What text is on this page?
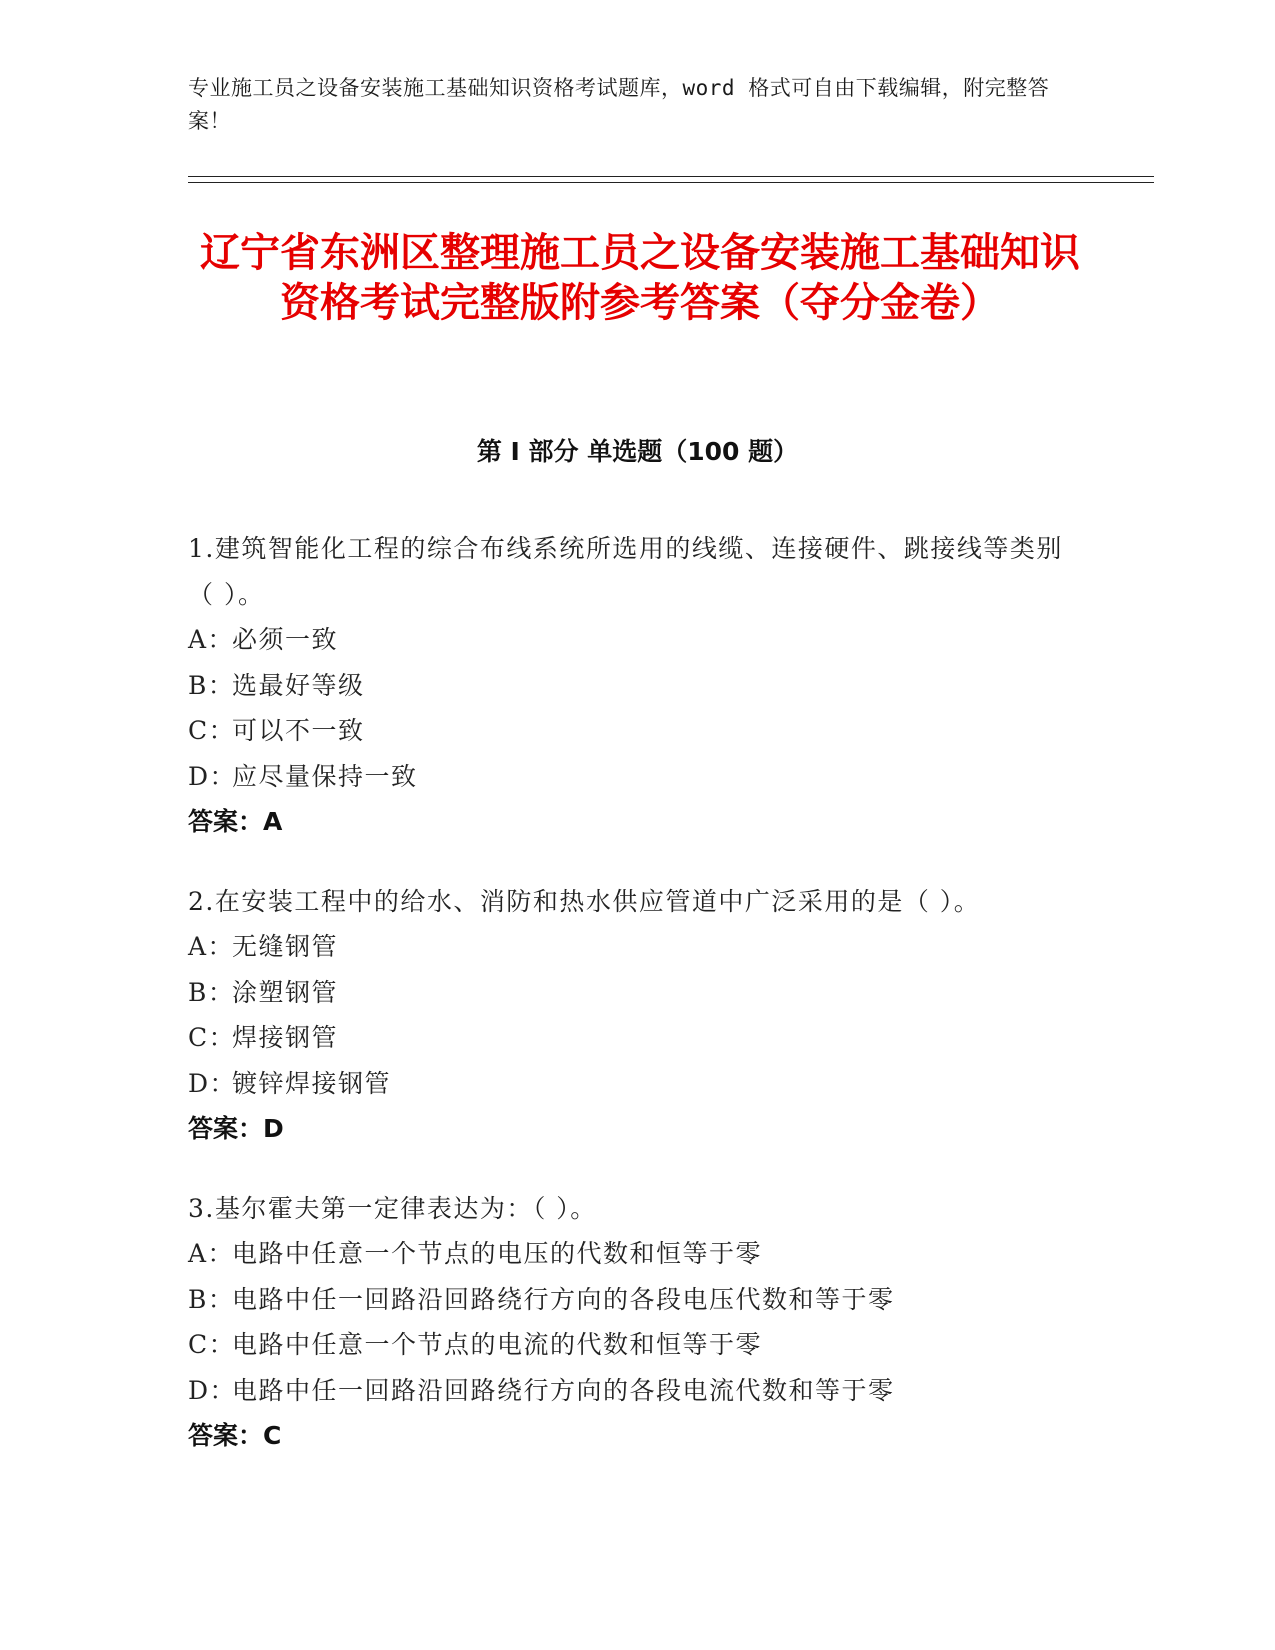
专业施工员之设备安装施工基础知识资格考试题库，word 格式可自由下载编辑，附完整答案！
辽宁省东洲区整理施工员之设备安装施工基础知识资格考试完整版附参考答案（夺分金卷）
第 I 部分 单选题（100 题）
1.建筑智能化工程的综合布线系统所选用的线缆、连接硬件、跳接线等类别（ ）。
A：必须一致
B：选最好等级
C：可以不一致
D：应尽量保持一致
答案：A
2.在安装工程中的给水、消防和热水供应管道中广泛采用的是（ ）。
A：无缝钢管
B：涂塑钢管
C：焊接钢管
D：镀锌焊接钢管
答案：D
3.基尔霍夫第一定律表达为：（ ）。
A：电路中任意一个节点的电压的代数和恒等于零
B：电路中任一回路沿回路绕行方向的各段电压代数和等于零
C：电路中任意一个节点的电流的代数和恒等于零
D：电路中任一回路沿回路绕行方向的各段电流代数和等于零
答案：C
